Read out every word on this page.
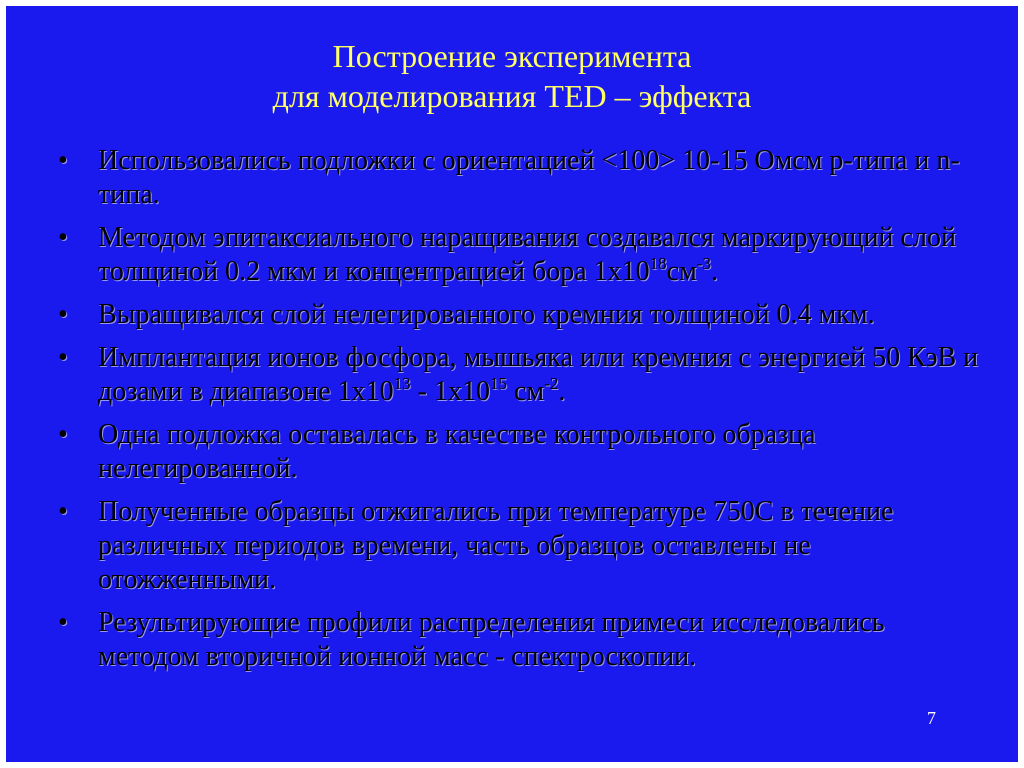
Построение эксперимента
для моделирования TED – эффекта
•	Использовались подложки с ориентацией <100> 10-15 Омсм p-типа и n-типа.
•	Методом эпитаксиального наращивания создавался маркирующий слой толщиной 0.2 мкм и концентрацией бора $1x10^{18}см^{-3}$.
•	Выращивался слой нелегированного кремния толщиной 0.4 мкм.
•	Имплантация ионов фосфора, мышьяка или кремния с энергией 50 КэВ и дозами в диапазоне $1x10^{13} - 1x10^{15}$ $см^{-2}$.
•	Одна подложка оставалась в качестве контрольного образца нелегированной.
•	Полученные образцы отжигались при температуре 750С в течение различных периодов времени, часть образцов оставлены не отожженными.
•	Результирующие профили распределения примеси исследовались методом вторичной ионной масс - спектроскопии.
7
